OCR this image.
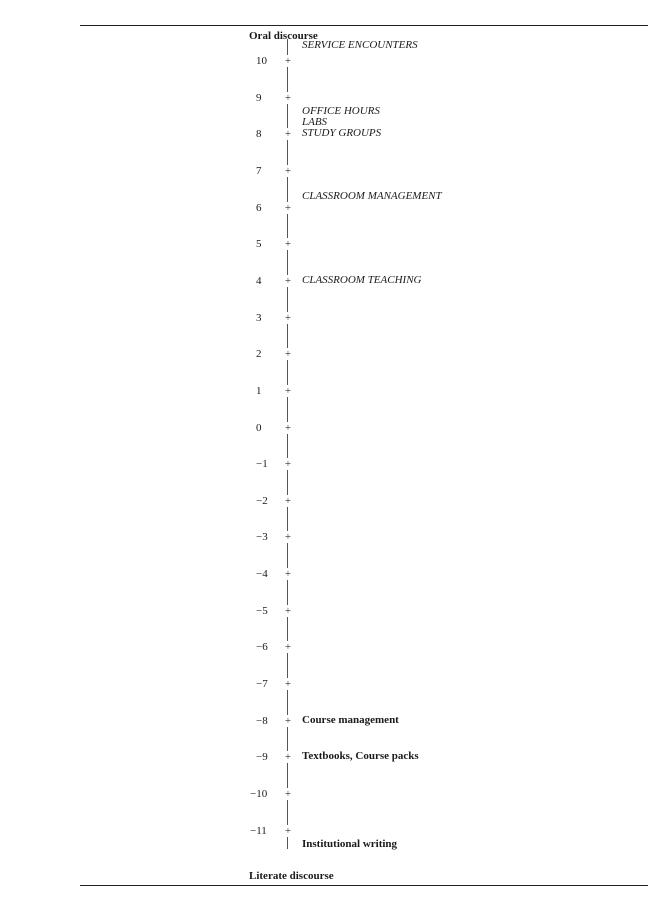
Oral discourse
+
+
+
+
+
+
+
+
+
+
+
+
+
+
+
+
+
+
+
+
+
+
10
9
8
7
6
5
4
3
2
1
0
−1
−2
−3
−4
−5
−6
−7
−8
−9
−10
−11
SERVICE ENCOUNTERS
OFFICE HOURS
LABS
STUDY GROUPS
CLASSROOM MANAGEMENT
CLASSROOM TEACHING
Course management
Textbooks, Course packs
Institutional writing
Literate discourse
